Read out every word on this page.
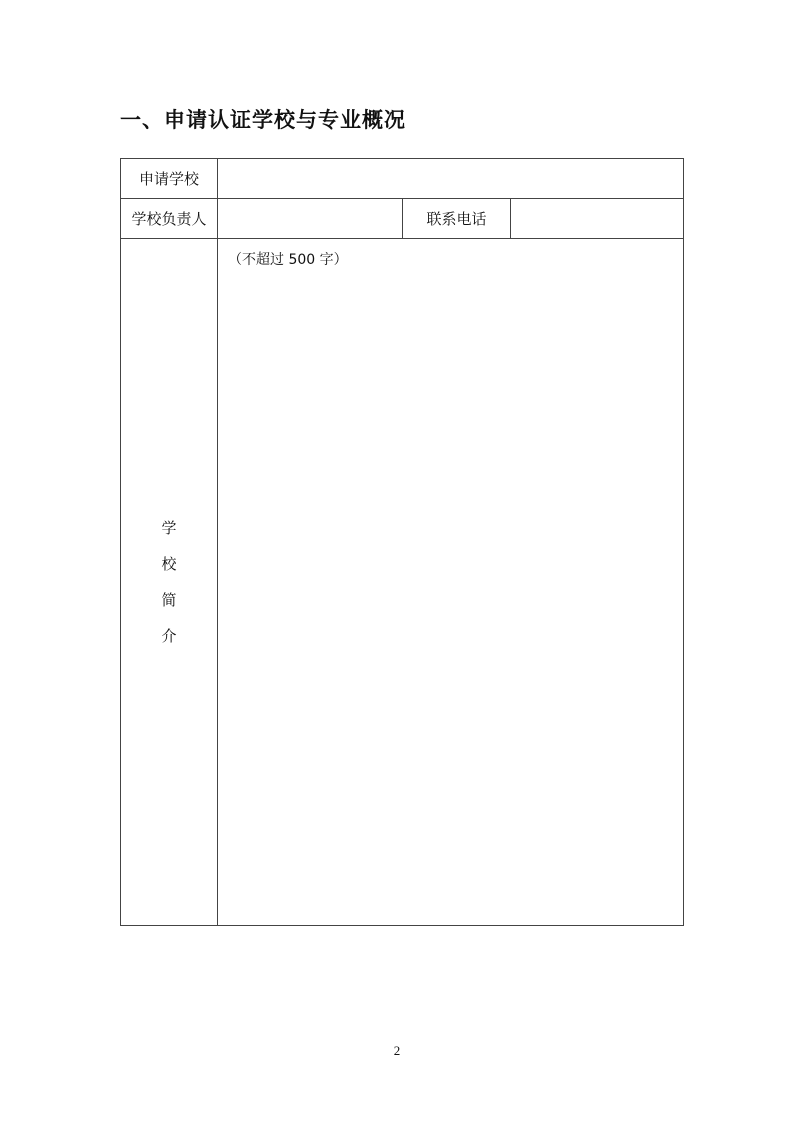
一、申请认证学校与专业概况
申请学校			
学校负责人		联系电话	
学
校
简
介	（不超过 500 字）		
2
